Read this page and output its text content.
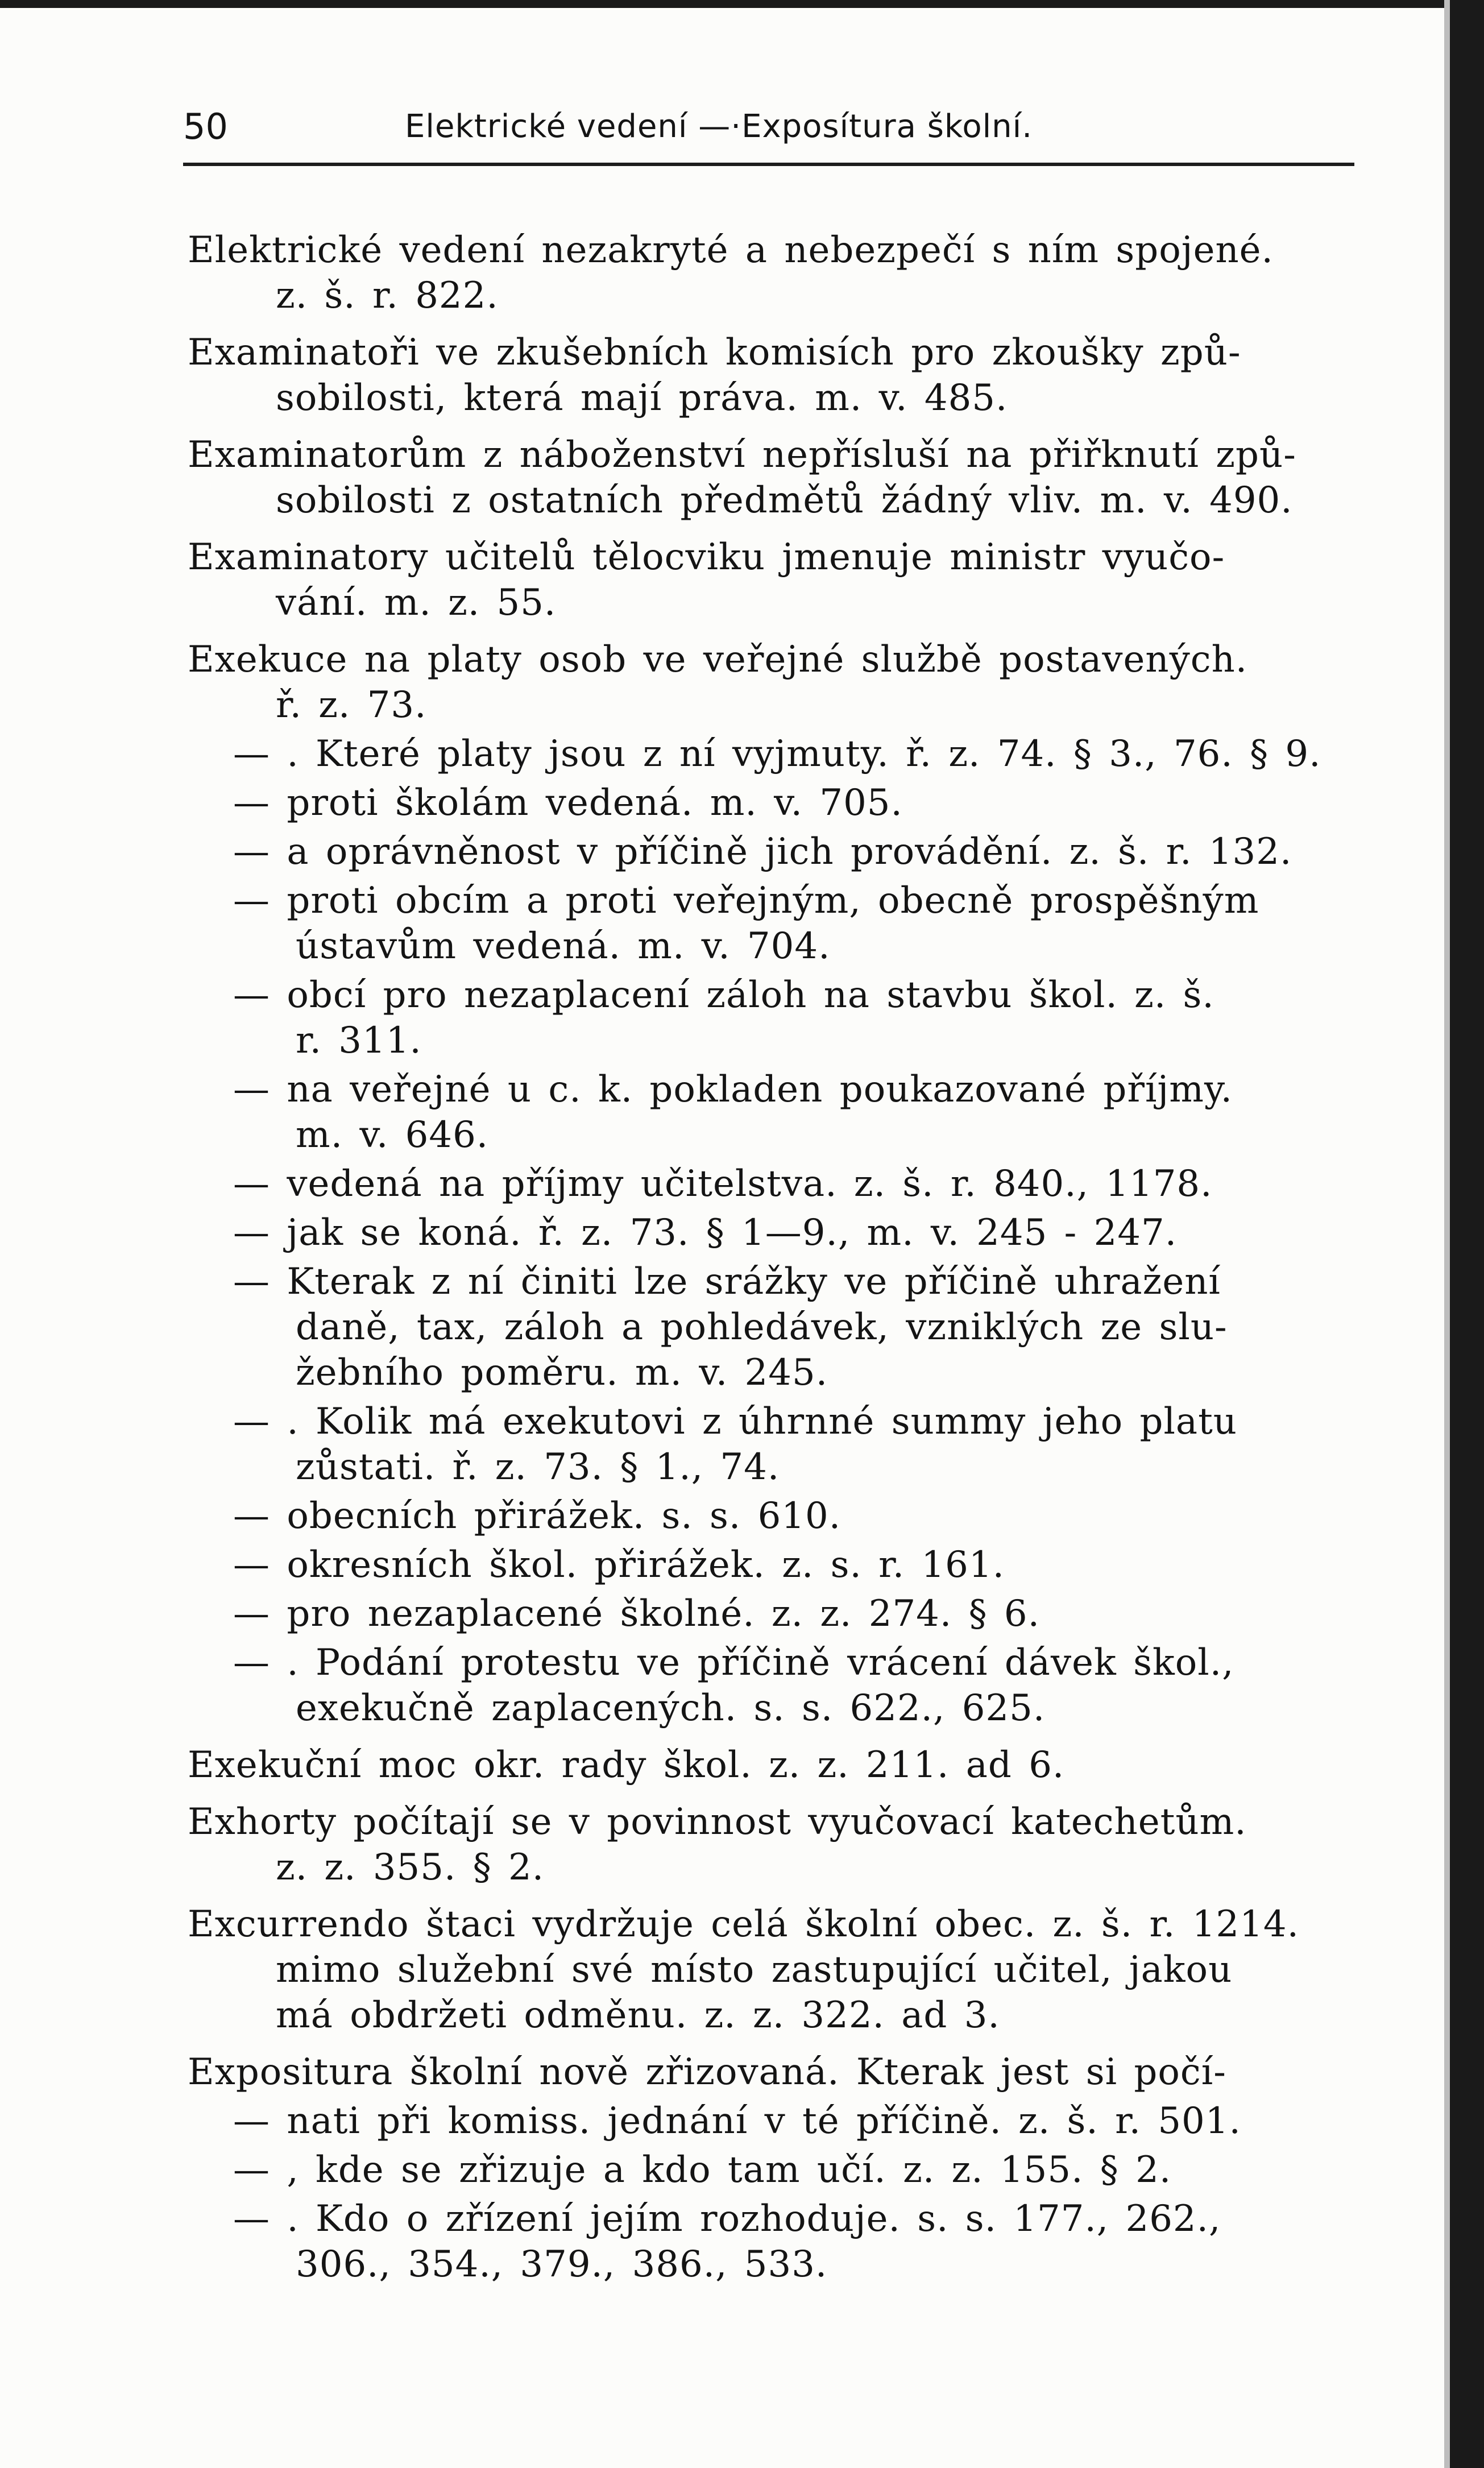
50	Elektrické vedení —·Exposítura školní.
Elektrické vedení nezakryté a nebezpečí s ním spojené.
z. š. r. 822.
Examinatoři ve zkušebních komisích pro zkoušky způ-
sobilosti, která mají práva. m. v. 485.
Examinatorům z náboženství nepřísluší na přiřknutí způ-
sobilosti z ostatních předmětů žádný vliv. m. v. 490.
Examinatory učitelů tělocviku jmenuje ministr vyučo-
vání. m. z. 55.
Exekuce na platy osob ve veřejné službě postavených.
ř. z. 73.
— . Které platy jsou z ní vyjmuty. ř. z. 74. § 3., 76. § 9.
— proti školám vedená. m. v. 705.
— a oprávněnost v příčině jich provádění. z. š. r. 132.
— proti obcím a proti veřejným, obecně prospěšným
ústavům vedená. m. v. 704.
— obcí pro nezaplacení záloh na stavbu škol. z. š.
r. 311.
— na veřejné u c. k. pokladen poukazované příjmy.
m. v. 646.
— vedená na příjmy učitelstva. z. š. r. 840., 1178.
— jak se koná. ř. z. 73. § 1—9., m. v. 245 - 247.
— Kterak z ní činiti lze srážky ve příčině uhražení
daně, tax, záloh a pohledávek, vzniklých ze slu-
žebního poměru. m. v. 245.
— . Kolik má exekutovi z úhrnné summy jeho platu
zůstati. ř. z. 73. § 1., 74.
— obecních přirážek. s. s. 610.
— okresních škol. přirážek. z. s. r. 161.
— pro nezaplacené školné. z. z. 274. § 6.
— . Podání protestu ve příčině vrácení dávek škol.,
exekučně zaplacených. s. s. 622., 625.
Exekuční moc okr. rady škol. z. z. 211. ad 6.
Exhorty počítají se v povinnost vyučovací katechetům.
z. z. 355. § 2.
Excurrendo štaci vydržuje celá školní obec. z. š. r. 1214.
mimo služební své místo zastupující učitel, jakou
má obdržeti odměnu. z. z. 322. ad 3.
Expositura školní nově zřizovaná. Kterak jest si počí-
— nati při komiss. jednání v té příčině. z. š. r. 501.
— , kde se zřizuje a kdo tam učí. z. z. 155. § 2.
— . Kdo o zřízení jejím rozhoduje. s. s. 177., 262.,
306., 354., 379., 386., 533.
